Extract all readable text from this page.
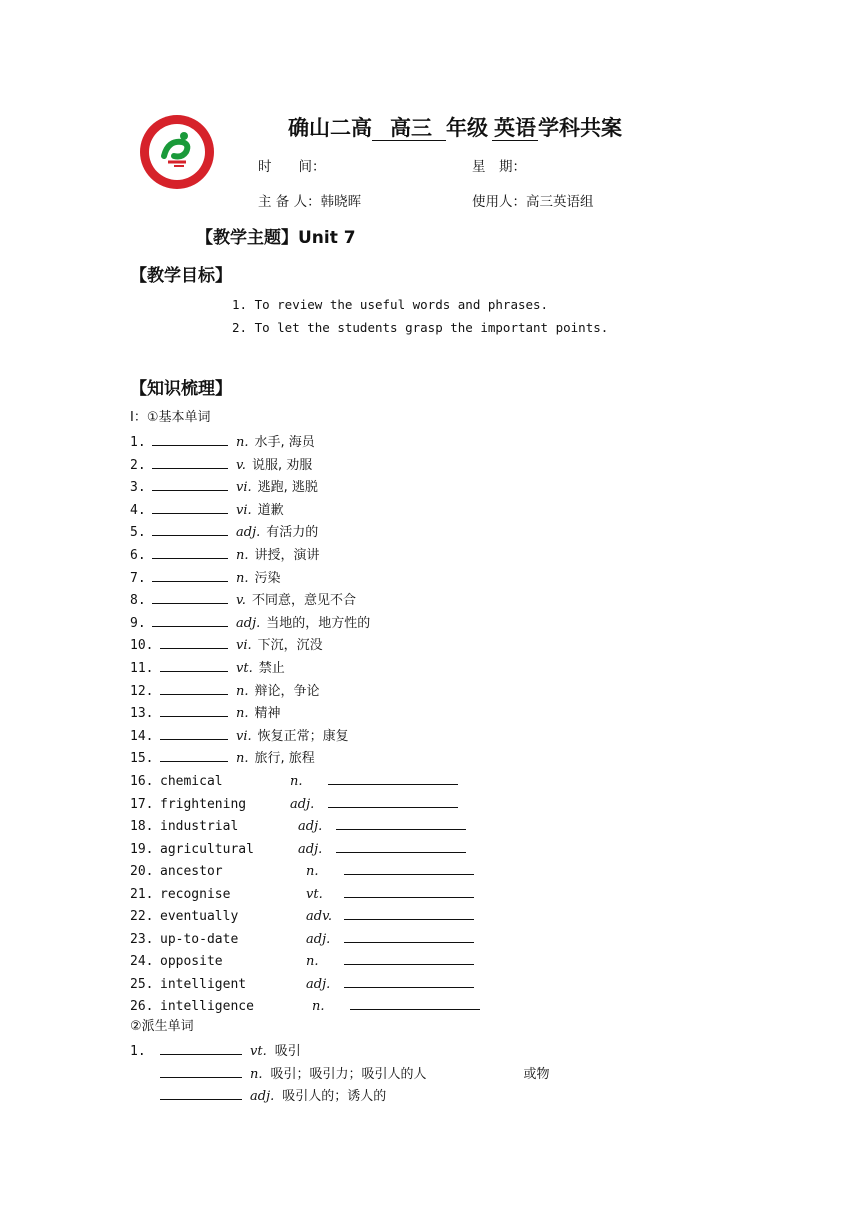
确山二高 高三 年级 英语学科共案
时　　间：	星　期：
主 备 人：韩晓晖	使用人：高三英语组
【教学主题】Unit 7
【教学目标】
1. To review the useful words and phrases.
2. To let the students grasp the important points.
【知识梳理】
I：①基本单词
1.	n. 水手, 海员
2.	v. 说服, 劝服
3.	vi. 逃跑, 逃脱
4.	vi. 道歉
5.	adj. 有活力的
6.	n. 讲授，演讲
7.	n. 污染
8.	v. 不同意，意见不合
9.	adj. 当地的，地方性的
10.	vi. 下沉，沉没
11.	vt. 禁止
12.	n. 辩论，争论
13.	n. 精神
14.	vi. 恢复正常；康复
15.	n. 旅行, 旅程
16. chemical	n.
17. frightening	adj.
18. industrial	adj.
19. agricultural	adj.
20. ancestor	n.
21. recognise	vt.
22. eventually	adv.
23. up-to-date	adj.
24. opposite	n.
25. intelligent	adj.
26. intelligence	n.
②派生单词
1.	vt. 吸引
n. 吸引；吸引力；吸引人的人	或物
adj. 吸引人的；诱人的
